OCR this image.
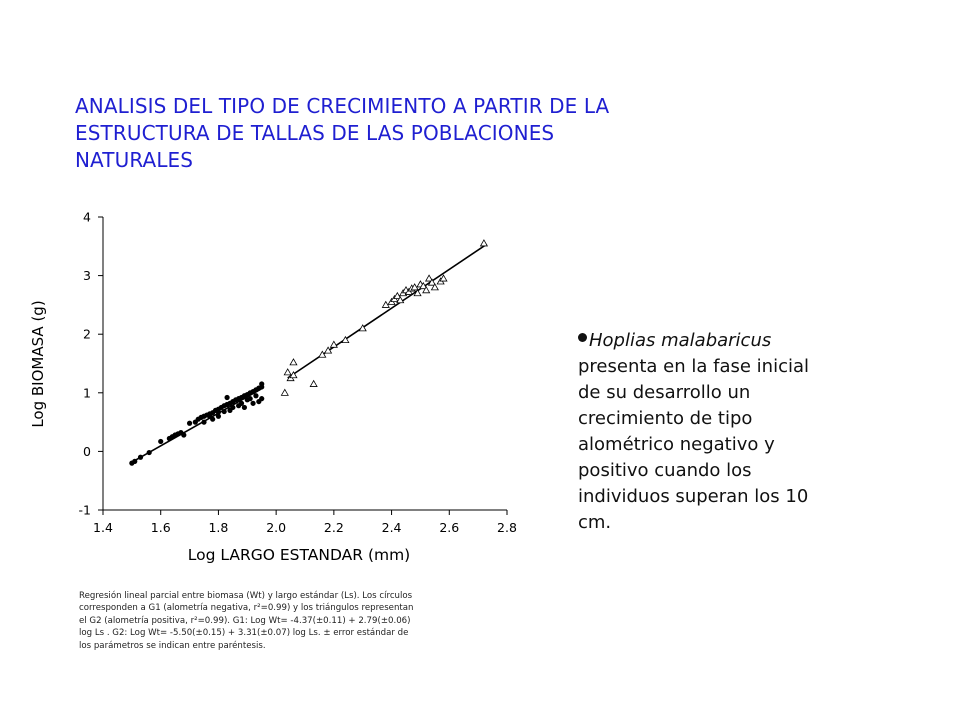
ANALISIS DEL TIPO DE CRECIMIENTO A PARTIR DE LA
ESTRUCTURA DE TALLAS DE LAS POBLACIONES
NATURALES
1.4	1.6	1.8	2.0	2.2	2.4	2.6	2.8
-1
0
1
2
3
4
Log LARGO ESTANDAR (mm)
Log BIOMASA (g)
Regresión lineal parcial entre biomasa (Wt) y largo estándar (Ls). Los círculos
corresponden a G1 (alometría negativa, r²=0.99) y los triángulos representan
el G2 (alometría positiva, r²=0.99). G1: Log Wt= -4.37(±0.11) + 2.79(±0.06)
log Ls . G2: Log Wt= -5.50(±0.15) + 3.31(±0.07) log Ls. ± error estándar de
los parámetros se indican entre paréntesis.
Hoplias malabaricus
presenta en la fase inicial
de su desarrollo un
crecimiento de tipo
alométrico negativo y
positivo cuando los
individuos superan los 10
cm.
